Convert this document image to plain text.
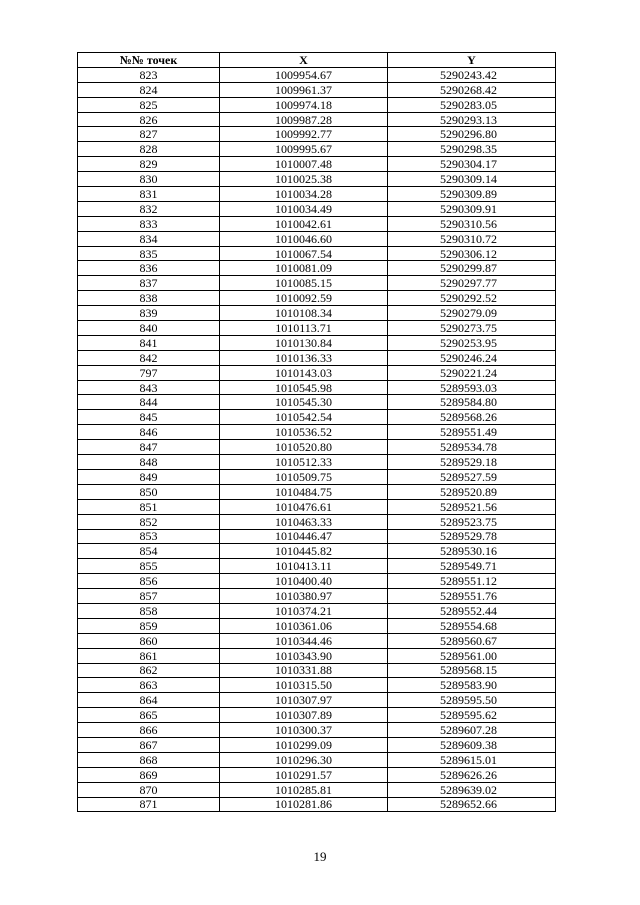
№№ точек	X	Y
823	1009954.67	5290243.42
824	1009961.37	5290268.42
825	1009974.18	5290283.05
826	1009987.28	5290293.13
827	1009992.77	5290296.80
828	1009995.67	5290298.35
829	1010007.48	5290304.17
830	1010025.38	5290309.14
831	1010034.28	5290309.89
832	1010034.49	5290309.91
833	1010042.61	5290310.56
834	1010046.60	5290310.72
835	1010067.54	5290306.12
836	1010081.09	5290299.87
837	1010085.15	5290297.77
838	1010092.59	5290292.52
839	1010108.34	5290279.09
840	1010113.71	5290273.75
841	1010130.84	5290253.95
842	1010136.33	5290246.24
797	1010143.03	5290221.24
843	1010545.98	5289593.03
844	1010545.30	5289584.80
845	1010542.54	5289568.26
846	1010536.52	5289551.49
847	1010520.80	5289534.78
848	1010512.33	5289529.18
849	1010509.75	5289527.59
850	1010484.75	5289520.89
851	1010476.61	5289521.56
852	1010463.33	5289523.75
853	1010446.47	5289529.78
854	1010445.82	5289530.16
855	1010413.11	5289549.71
856	1010400.40	5289551.12
857	1010380.97	5289551.76
858	1010374.21	5289552.44
859	1010361.06	5289554.68
860	1010344.46	5289560.67
861	1010343.90	5289561.00
862	1010331.88	5289568.15
863	1010315.50	5289583.90
864	1010307.97	5289595.50
865	1010307.89	5289595.62
866	1010300.37	5289607.28
867	1010299.09	5289609.38
868	1010296.30	5289615.01
869	1010291.57	5289626.26
870	1010285.81	5289639.02
871	1010281.86	5289652.66
19
